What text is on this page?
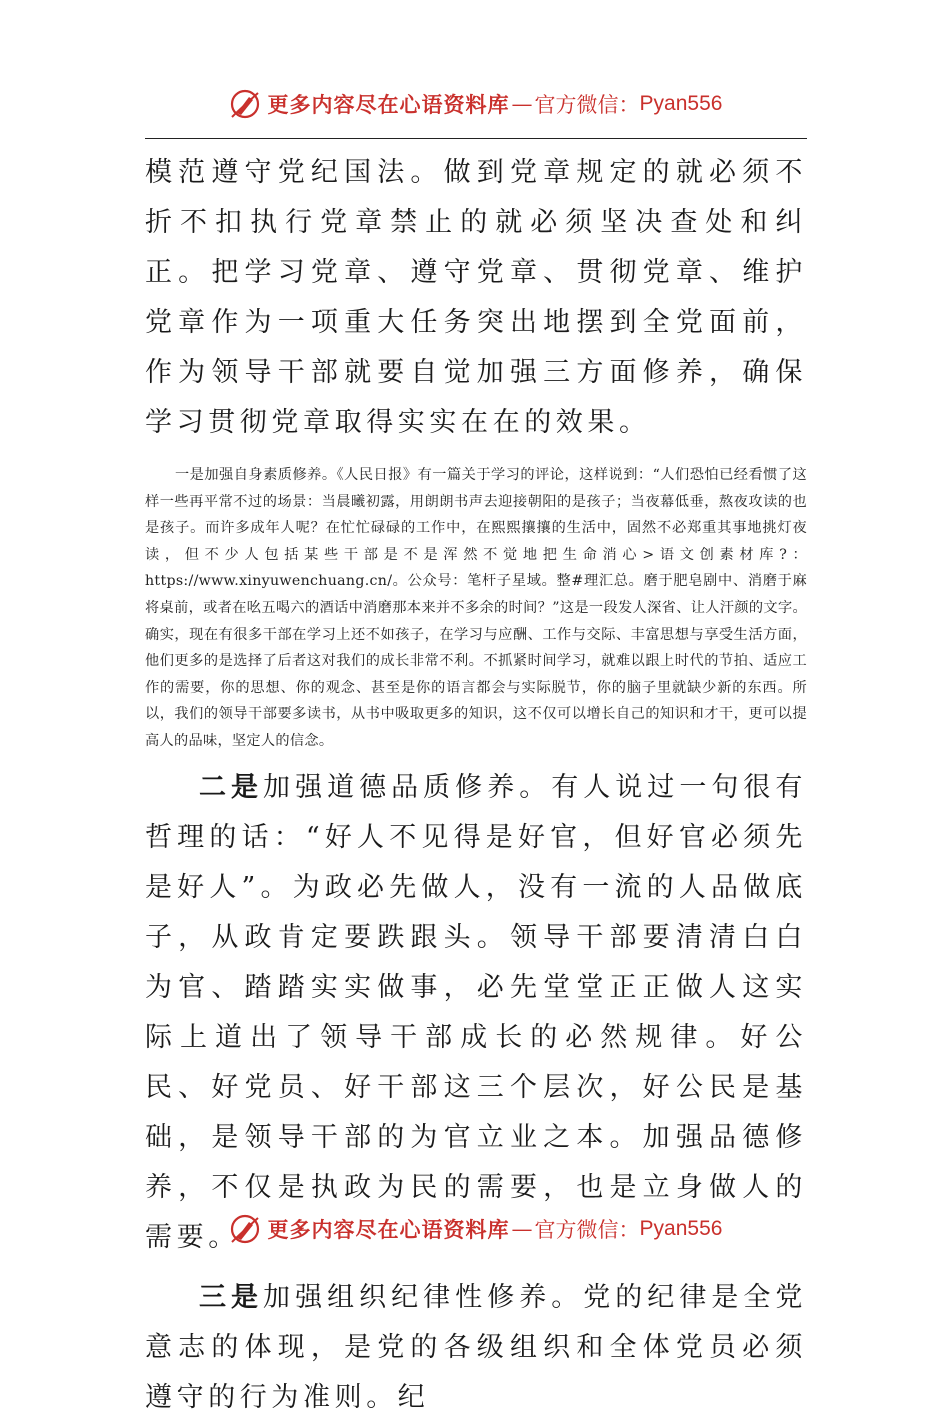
更多内容尽在心语资料库 — 官方微信： Pyan556

模范遵守党纪国法。做到党章规定的就必须不折不扣执行党章禁止的就必须坚决查处和纠正。把学习党章、遵守党章、贯彻党章、维护党章作为一项重大任务突出地摆到全党面前，作为领导干部就要自觉加强三方面修养，确保学习贯彻党章取得实实在在的效果。

一是加强自身素质修养。《人民日报》有一篇关于学习的评论，这样说到：“人们恐怕已经看惯了这样一些再平常不过的场景：当晨曦初露，用朗朗书声去迎接朝阳的是孩子；当夜幕低垂，熬夜攻读的也是孩子。而许多成年人呢？在忙忙碌碌的工作中，在熙熙攘攘的生活中，固然不必郑重其事地挑灯夜读，但不少人包括某些干部是不是浑然不觉地把生命消心>语文创素材库?：https://www.xinyuwenchuang.cn/。公众号：笔杆子星域。整#理汇总。磨于肥皂剧中、消磨于麻将桌前，或者在吆五喝六的酒话中消磨那本来并不多余的时间？”这是一段发人深省、让人汗颜的文字。确实，现在有很多干部在学习上还不如孩子，在学习与应酬、工作与交际、丰富思想与享受生活方面，他们更多的是选择了后者这对我们的成长非常不利。不抓紧时间学习，就难以跟上时代的节拍、适应工作的需要，你的思想、你的观念、甚至是你的语言都会与实际脱节，你的脑子里就缺少新的东西。所以，我们的领导干部要多读书，从书中吸取更多的知识，这不仅可以增长自己的知识和才干，更可以提高人的品味，坚定人的信念。

二是加强道德品质修养。有人说过一句很有哲理的话：“好人不见得是好官，但好官必须先是好人”。为政必先做人，没有一流的人品做底子，从政肯定要跌跟头。领导干部要清清白白为官、踏踏实实做事，必先堂堂正正做人这实际上道出了领导干部成长的必然规律。好公民、好党员、好干部这三个层次，好公民是基础，是领导干部的为官立业之本。加强品德修养，不仅是执政为民的需要，也是立身做人的需要。

三是加强组织纪律性修养。党的纪律是全党意志的体现，是党的各级组织和全体党员必须遵守的行为准则。纪

更多内容尽在心语资料库 — 官方微信： Pyan556
